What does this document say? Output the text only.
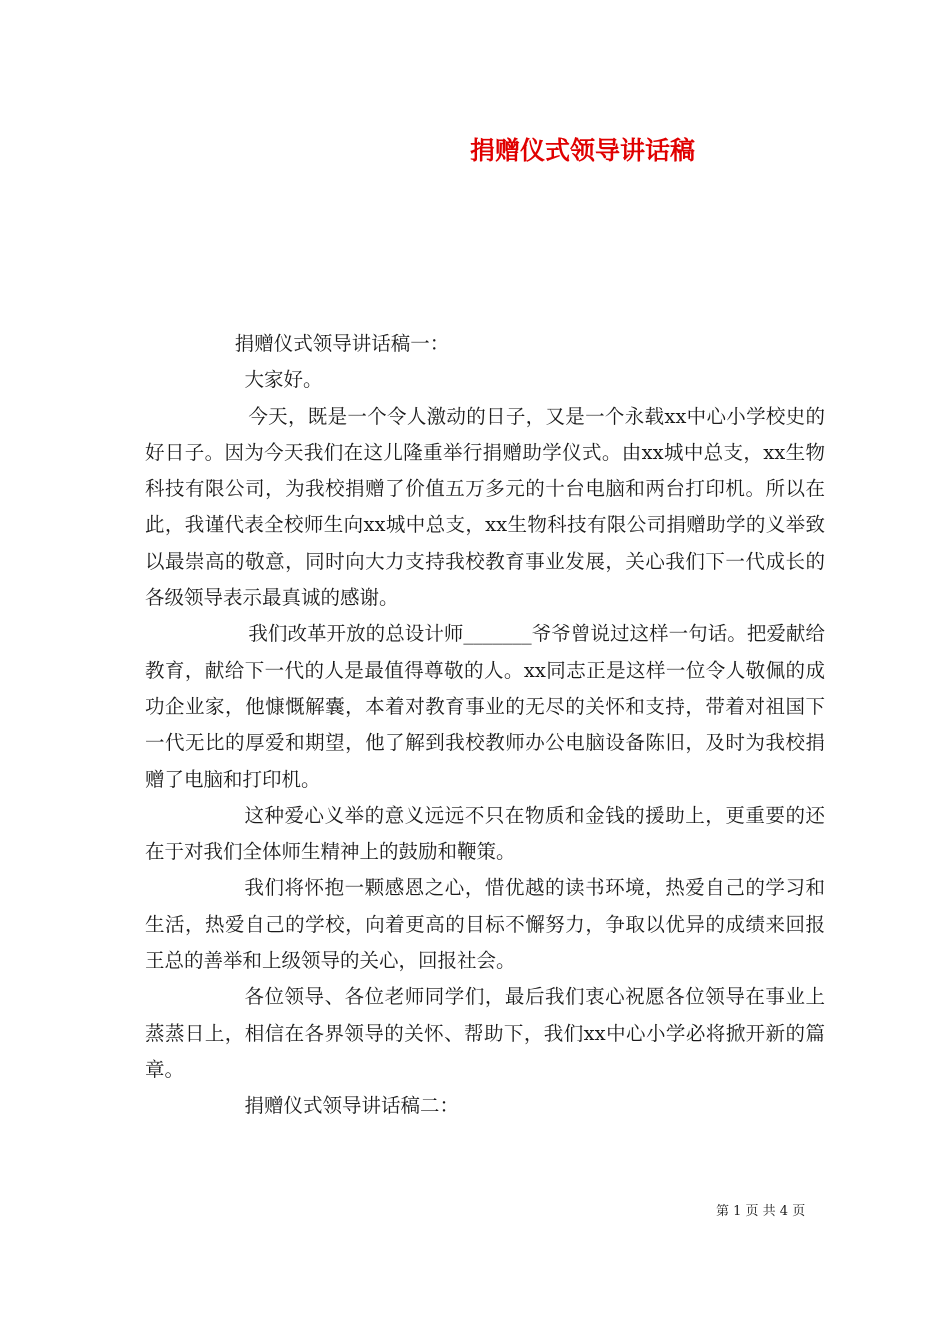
捐赠仪式领导讲话稿

捐赠仪式领导讲话稿一：

大家好。

今天，既是一个令人激动的日子，又是一个永载xx中心小学校史的好日子。因为今天我们在这儿隆重举行捐赠助学仪式。由xx城中总支，xx生物科技有限公司，为我校捐赠了价值五万多元的十台电脑和两台打印机。所以在此，我谨代表全校师生向xx城中总支，xx生物科技有限公司捐赠助学的义举致以最崇高的敬意，同时向大力支持我校教育事业发展，关心我们下一代成长的各级领导表示最真诚的感谢。

我们改革开放的总设计师_______爷爷曾说过这样一句话。把爱献给教育，献给下一代的人是最值得尊敬的人。xx同志正是这样一位令人敬佩的成功企业家，他慷慨解囊，本着对教育事业的无尽的关怀和支持，带着对祖国下一代无比的厚爱和期望，他了解到我校教师办公电脑设备陈旧，及时为我校捐赠了电脑和打印机。

这种爱心义举的意义远远不只在物质和金钱的援助上，更重要的还在于对我们全体师生精神上的鼓励和鞭策。

我们将怀抱一颗感恩之心，惜优越的读书环境，热爱自己的学习和生活，热爱自己的学校，向着更高的目标不懈努力，争取以优异的成绩来回报王总的善举和上级领导的关心，回报社会。

各位领导、各位老师同学们，最后我们衷心祝愿各位领导在事业上蒸蒸日上，相信在各界领导的关怀、帮助下，我们xx中心小学必将掀开新的篇章。

捐赠仪式领导讲话稿二：

第 1 页 共 4 页
